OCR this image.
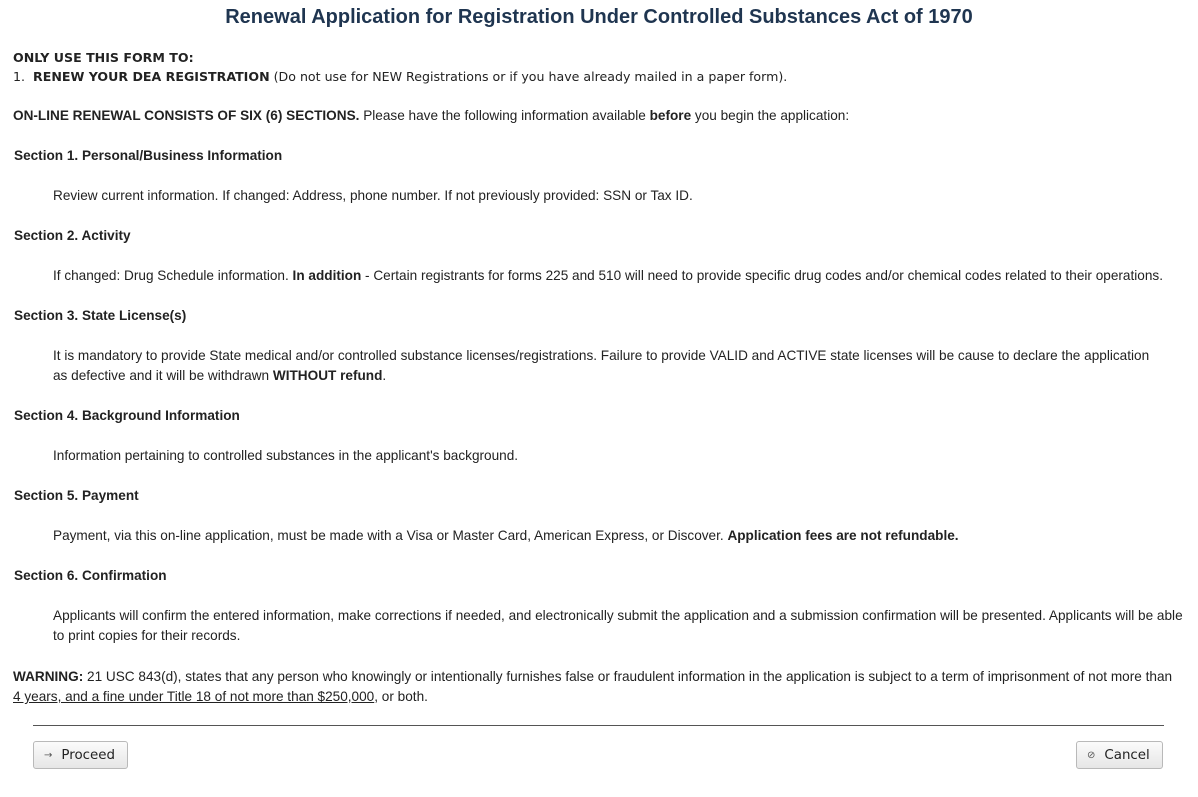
Renewal Application for Registration Under Controlled Substances Act of 1970
ONLY USE THIS FORM TO:
1. RENEW YOUR DEA REGISTRATION (Do not use for NEW Registrations or if you have already mailed in a paper form).
ON-LINE RENEWAL CONSISTS OF SIX (6) SECTIONS. Please have the following information available before you begin the application:
Section 1. Personal/Business Information
Review current information. If changed: Address, phone number. If not previously provided: SSN or Tax ID.
Section 2. Activity
If changed: Drug Schedule information. In addition - Certain registrants for forms 225 and 510 will need to provide specific drug codes and/or chemical codes related to their operations.
Section 3. State License(s)
It is mandatory to provide State medical and/or controlled substance licenses/registrations. Failure to provide VALID and ACTIVE state licenses will be cause to declare the application as defective and it will be withdrawn WITHOUT refund.
Section 4. Background Information
Information pertaining to controlled substances in the applicant's background.
Section 5. Payment
Payment, via this on-line application, must be made with a Visa or Master Card, American Express, or Discover. Application fees are not refundable.
Section 6. Confirmation
Applicants will confirm the entered information, make corrections if needed, and electronically submit the application and a submission confirmation will be presented. Applicants will be able to print copies for their records.
WARNING: 21 USC 843(d), states that any person who knowingly or intentionally furnishes false or fraudulent information in the application is subject to a term of imprisonment of not more than 4 years, and a fine under Title 18 of not more than $250,000, or both.
→ Proceed	⊘ Cancel
